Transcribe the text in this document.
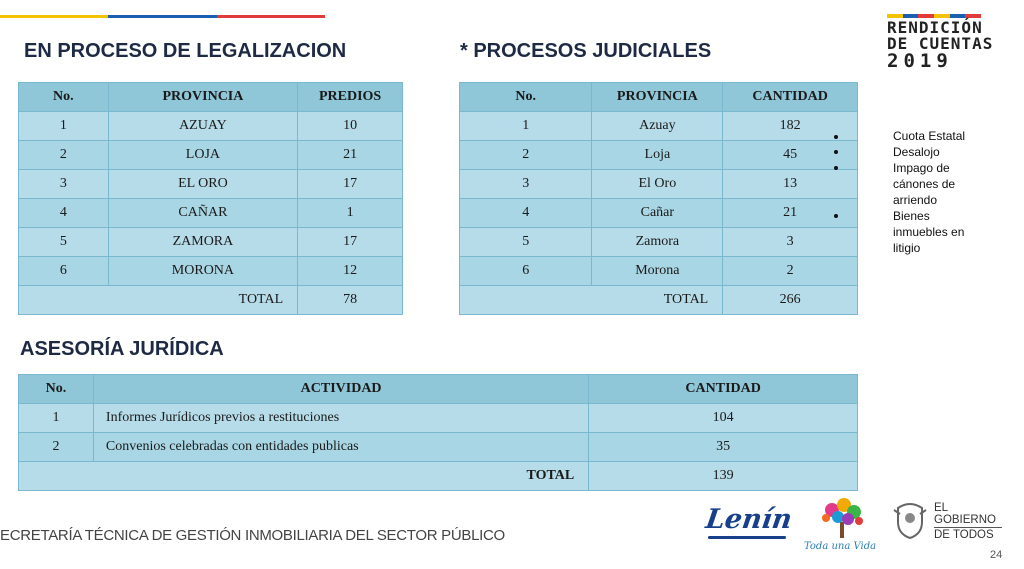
RENDICIÓN
DE CUENTAS
2019
EN PROCESO DE LEGALIZACION	* PROCESOS JUDICIALES
ASESORÍA JURÍDICA
No.	PROVINCIA	PREDIOS
1	AZUAY	10
2	LOJA	21
3	EL ORO	17
4	CAÑAR	1
5	ZAMORA	17
6	MORONA	12
TOTAL		78
No.	PROVINCIA	CANTIDAD
1	Azuay	182
2	Loja	45
3	El Oro	13
4	Cañar	21
5	Zamora	3
6	Morona	2
TOTAL		266
Cuota Estatal
Desalojo
Impago de
cánones de
arriendo
Bienes
inmuebles en
litigio
No.	ACTIVIDAD	CANTIDAD
1	Informes Jurídicos previos a restituciones	104
2	Convenios celebradas con entidades publicas	35
TOTAL		139
ECRETARÍA TÉCNICA DE GESTIÓN INMOBILIARIA DEL SECTOR PÚBLICO
Lenín
Toda una Vida
EL
GOBIERNO
DE TODOS
24
